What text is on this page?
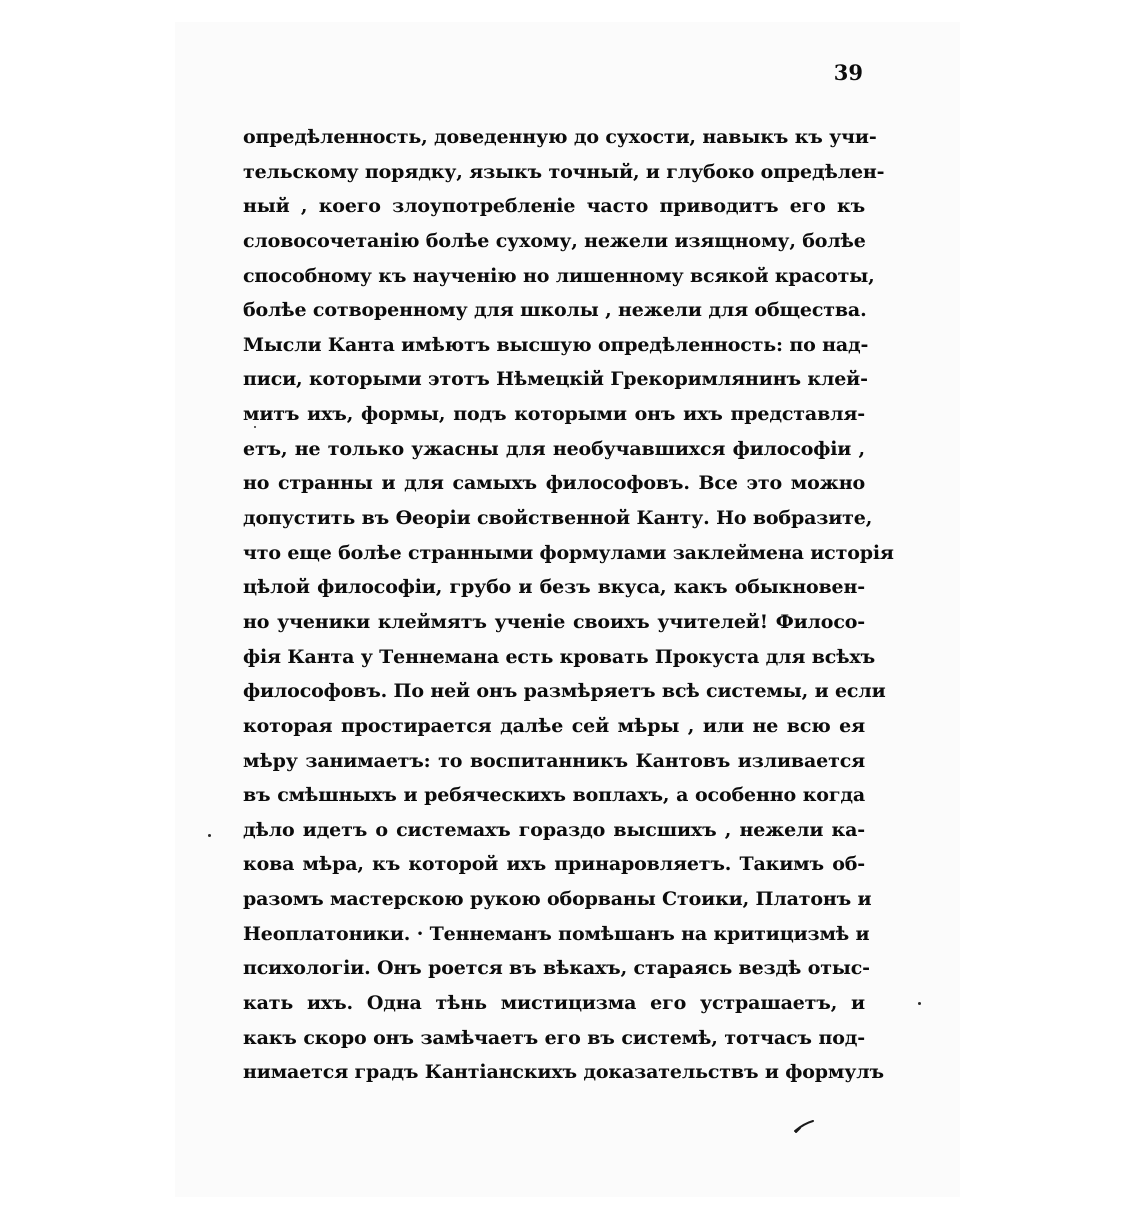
39
опредѣленность, доведенную до сухости, навыкъ къ учи-
тельскому порядку, языкъ точный, и глубоко опредѣлен-
ный , коего злоупотребленіе часто приводитъ его къ
словосочетанію болѣе сухому, нежели изящному, болѣе
способному къ наученію но лишенному всякой красоты,
болѣе сотворенному для школы , нежели для общества.
Мысли Канта имѣютъ высшую опредѣленность: по над-
писи, которыми этотъ Нѣмецкій Грекоримлянинъ клей-
митъ ихъ, формы, подъ которыми онъ ихъ представля-
етъ, не только ужасны для необучавшихся философіи ,
но странны и для самыхъ философовъ. Все это можно
допустить въ Ѳеоріи свойственной Канту. Но вобразите,
что еще болѣе странными формулами заклеймена исторія
цѣлой философіи, грубо и безъ вкуса, какъ обыкновен-
но ученики клеймятъ ученіе своихъ учителей! Филосо-
фія Канта у Теннемана есть кровать Прокуста для всѣхъ
философовъ. По ней онъ размѣряетъ всѣ системы, и если
которая простирается далѣе сей мѣры , или не всю ея
мѣру занимаетъ: то воспитанникъ Кантовъ изливается
въ смѣшныхъ и ребяческихъ воплахъ, а особенно когда
дѣло идетъ о системахъ гораздо высшихъ , нежели ка-
кова мѣра, къ которой ихъ принаровляетъ. Такимъ об-
разомъ мастерскою рукою оборваны Стоики, Платонъ и
Неоплатоники. · Теннеманъ помѣшанъ на критицизмѣ и
психологіи. Онъ роется въ вѣкахъ, стараясь вездѣ отыс-
кать ихъ. Одна тѣнь мистицизма его устрашаетъ, и
какъ скоро онъ замѣчаетъ его въ системѣ, тотчасъ под-
нимается градъ Кантіанскихъ доказательствъ и формулъ
